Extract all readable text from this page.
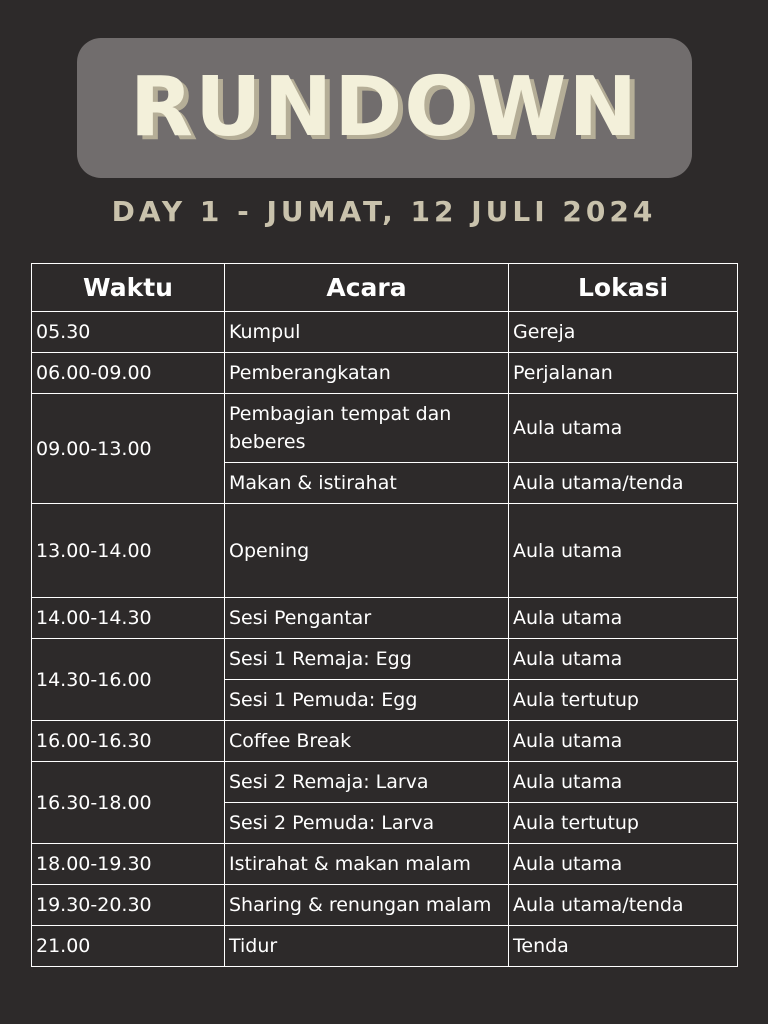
RUNDOWN
DAY 1 - JUMAT, 12 JULI 2024
Waktu	Acara	Lokasi
05.30	Kumpul	Gereja
06.00-09.00	Pemberangkatan	Perjalanan
09.00-13.00	Pembagian tempat dan beberes	Aula utama
	Makan & istirahat	Aula utama/tenda
13.00-14.00	Opening	Aula utama
14.00-14.30	Sesi Pengantar	Aula utama
14.30-16.00	Sesi 1 Remaja: Egg	Aula utama
	Sesi 1 Pemuda: Egg	Aula tertutup
16.00-16.30	Coffee Break	Aula utama
16.30-18.00	Sesi 2 Remaja: Larva	Aula utama
	Sesi 2 Pemuda: Larva	Aula tertutup
18.00-19.30	Istirahat & makan malam	Aula utama
19.30-20.30	Sharing & renungan malam	Aula utama/tenda
21.00	Tidur	Tenda
